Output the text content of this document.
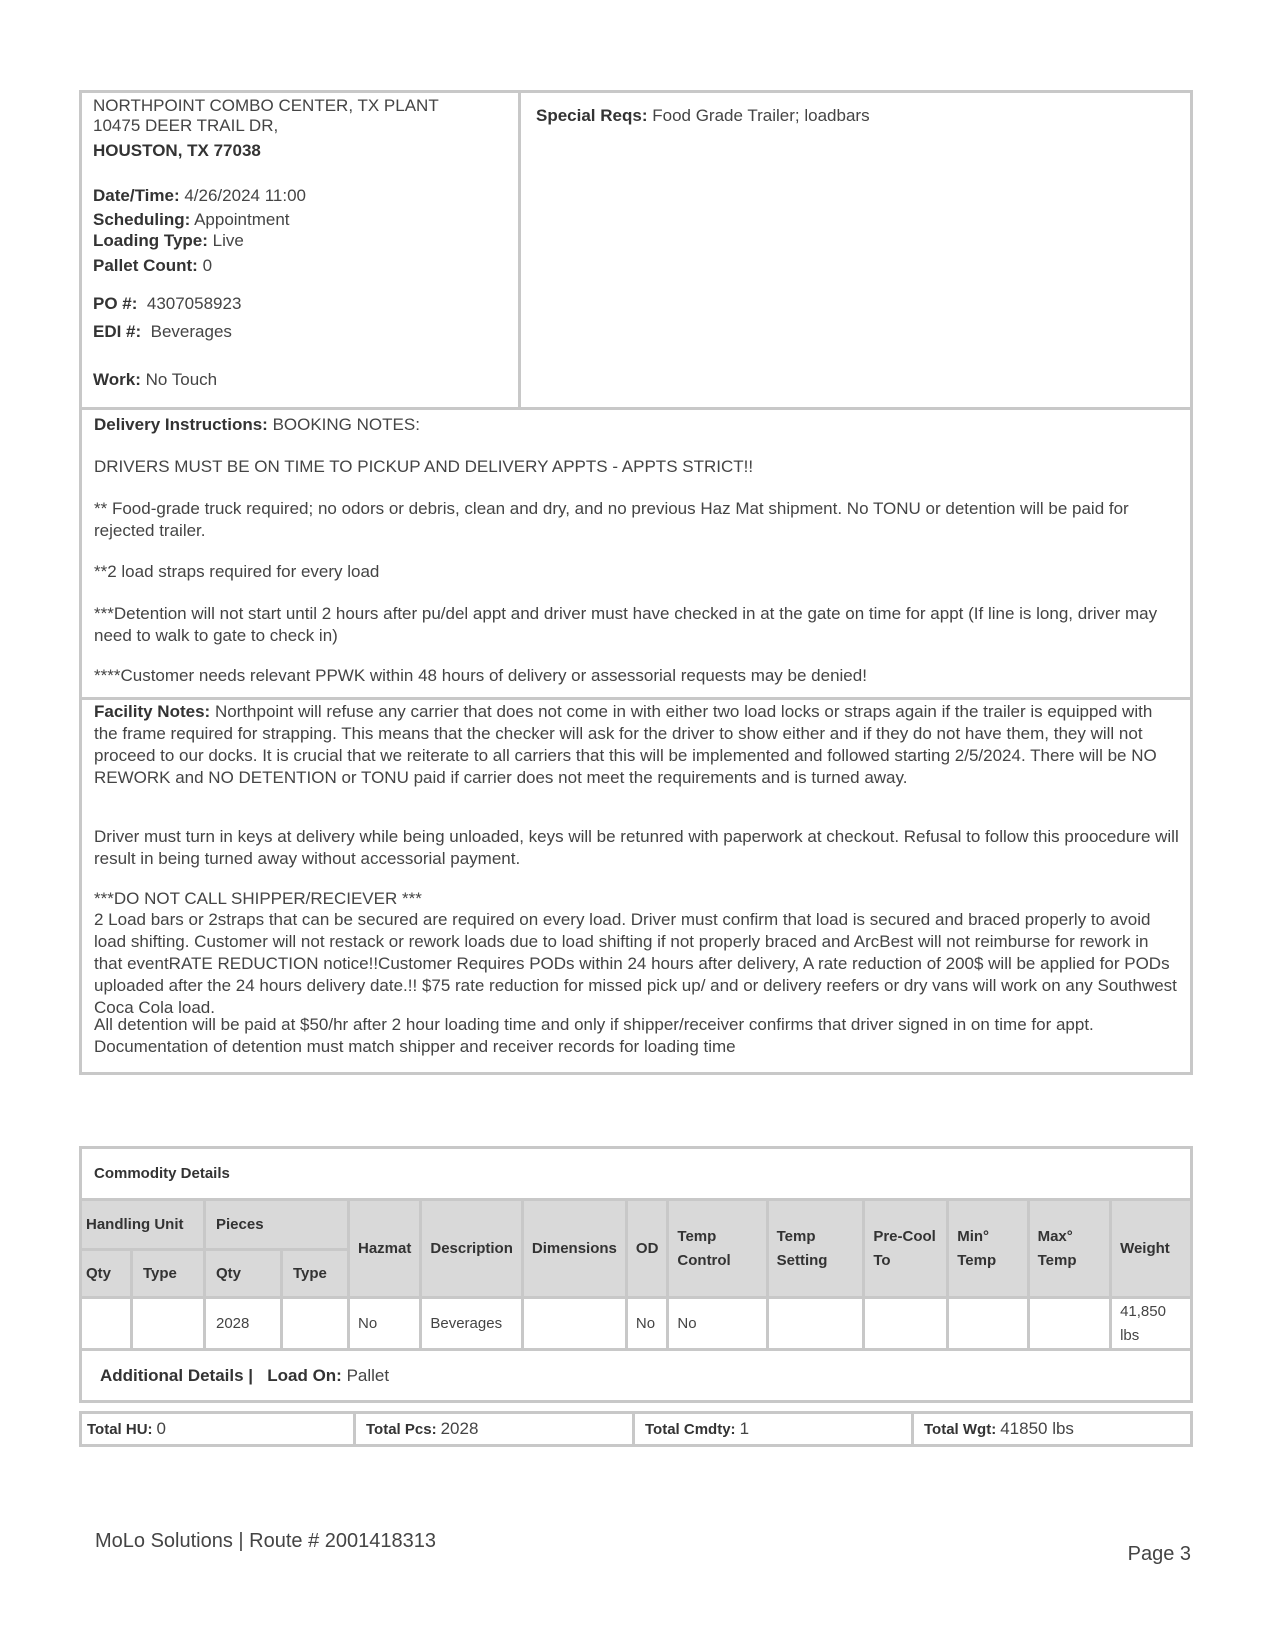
NORTHPOINT COMBO CENTER, TX PLANT
10475 DEER TRAIL DR,
HOUSTON, TX 77038
Date/Time: 4/26/2024 11:00
Scheduling: Appointment
Loading Type: Live
Pallet Count: 0
PO #: 4307058923
EDI #: Beverages
Work: No Touch
Special Reqs: Food Grade Trailer; loadbars
Delivery Instructions: BOOKING NOTES:
DRIVERS MUST BE ON TIME TO PICKUP AND DELIVERY APPTS - APPTS STRICT!!
** Food-grade truck required; no odors or debris, clean and dry, and no previous Haz Mat shipment. No TONU or detention will be paid for rejected trailer.
**2 load straps required for every load
***Detention will not start until 2 hours after pu/del appt and driver must have checked in at the gate on time for appt (If line is long, driver may need to walk to gate to check in)
****Customer needs relevant PPWK within 48 hours of delivery or assessorial requests may be denied!
Facility Notes: Northpoint will refuse any carrier that does not come in with either two load locks or straps again if the trailer is equipped with the frame required for strapping. This means that the checker will ask for the driver to show either and if they do not have them, they will not proceed to our docks. It is crucial that we reiterate to all carriers that this will be implemented and followed starting 2/5/2024. There will be NO REWORK and NO DETENTION or TONU paid if carrier does not meet the requirements and is turned away.
Driver must turn in keys at delivery while being unloaded, keys will be retunred with paperwork at checkout. Refusal to follow this proocedure will result in being turned away without accessorial payment.
***DO NOT CALL SHIPPER/RECIEVER ***
2 Load bars or 2straps that can be secured are required on every load. Driver must confirm that load is secured and braced properly to avoid load shifting. Customer will not restack or rework loads due to load shifting if not properly braced and ArcBest will not reimburse for rework in that eventRATE REDUCTION notice!!Customer Requires PODs within 24 hours after delivery, A rate reduction of 200$ will be applied for PODs uploaded after the 24 hours delivery date.!! $75 rate reduction for missed pick up/ and or delivery reefers or dry vans will work on any Southwest Coca Cola load.
All detention will be paid at $50/hr after 2 hour loading time and only if shipper/receiver confirms that driver signed in on time for appt. Documentation of detention must match shipper and receiver records for loading time
Commodity Details													
Handling Unit		Pieces		Hazmat	Description	Dimensions	OD	Temp Control	Temp Setting	Pre-Cool To	Min° Temp	Max° Temp	Weight
Qty	Type	Qty	Type										
		2028		No	Beverages		No	No					41,850 lbs
Additional Details | Load On: Pallet													
Total HU: 0	Total Pcs: 2028	Total Cmdty: 1	Total Wgt: 41850 lbs
MoLo Solutions | Route # 2001418313
Page 3
